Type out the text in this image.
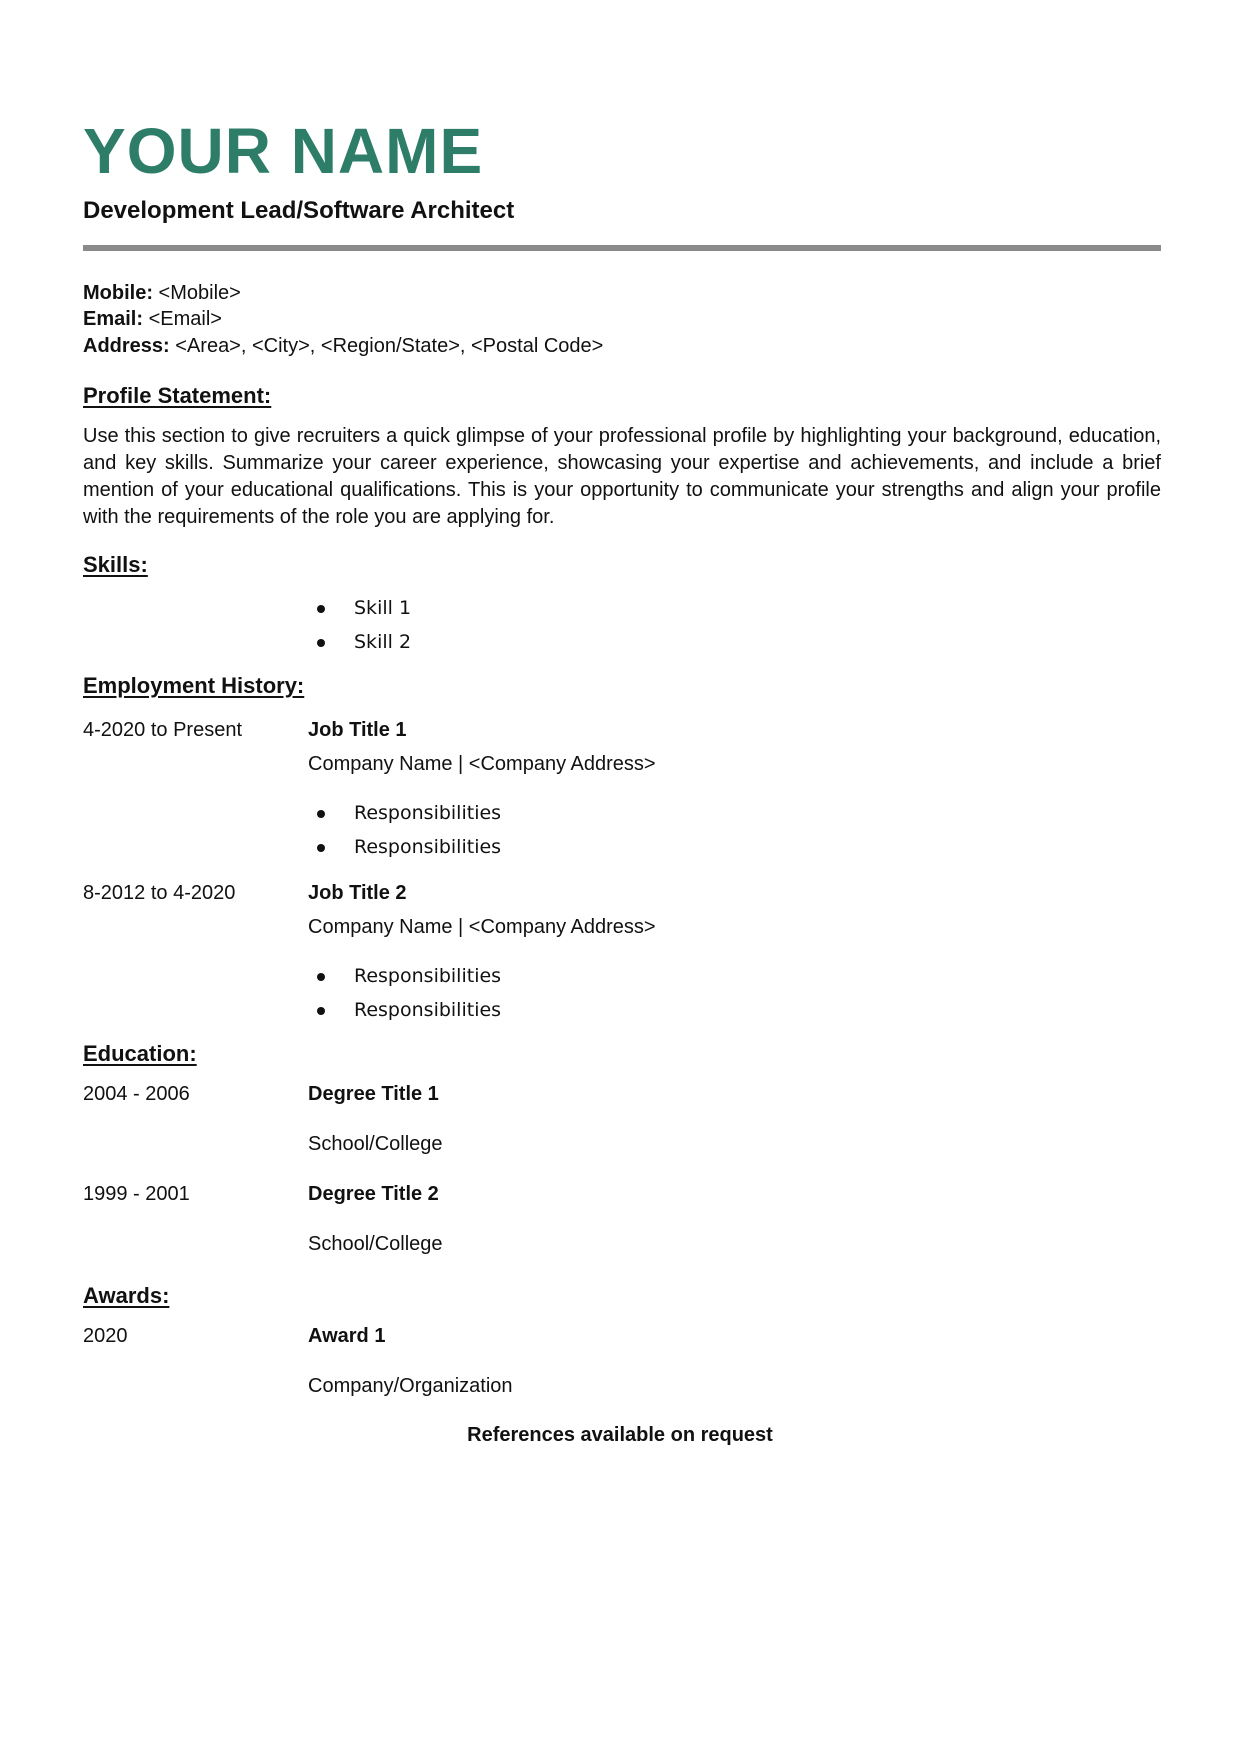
YOUR NAME
Development Lead/Software Architect
Mobile: <Mobile>
Email: <Email>
Address: <Area>, <City>, <Region/State>, <Postal Code>
Profile Statement:

Use this section to give recruiters a quick glimpse of your professional profile by highlighting your background, education, and key skills. Summarize your career experience, showcasing your expertise and achievements, and include a brief mention of your educational qualifications. This is your opportunity to communicate your strengths and align your profile with the requirements of the role you are applying for.

Skills:
Skill 1
Skill 2
Employment History:
4-2020 to Present	Job Title 1
Company Name | <Company Address>
Responsibilities
Responsibilities
8-2012 to 4-2020	Job Title 2
Company Name | <Company Address>
Responsibilities
Responsibilities
Education:
2004 - 2006	Degree Title 1
School/College
1999 - 2001	Degree Title 2
School/College
Awards:
2020	Award 1
Company/Organization
References available on request
